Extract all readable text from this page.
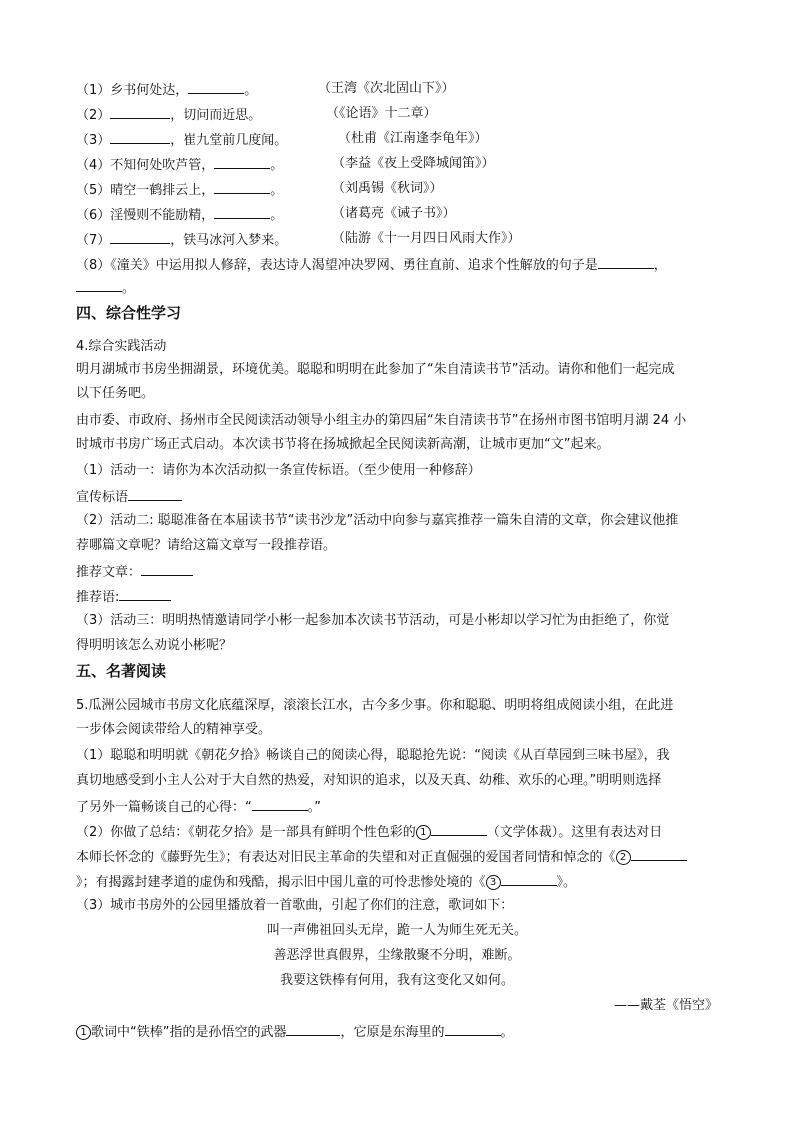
（1）乡书何处达，	。	（王湾《次北固山下》）
（2）	，切问而近思。	（《论语》十二章）
（3）	，崔九堂前几度闻。	（杜甫《江南逢李龟年》）
（4）不知何处吹芦管，	。	（李益《夜上受降城闻笛》）
（5）晴空一鹤排云上，	。	（刘禹锡《秋词》）
（6）淫慢则不能励精，	。	（诸葛亮《诫子书》）
（7）	，铁马冰河入梦来。	（陆游《十一月四日风雨大作》）
（8）《潼关》中运用拟人修辞，表达诗人渴望冲决罗网、勇往直前、追求个性解放的句子是	，
。
四、综合性学习
4.综合实践活动
明月湖城市书房坐拥湖景，环境优美。聪聪和明明在此参加了“朱自清读书节”活动。请你和他们一起完成
以下任务吧。
由市委、市政府、扬州市全民阅读活动领导小组主办的第四届“朱自清读书节”在扬州市图书馆明月湖 24 小
时城市书房广场正式启动。本次读书节将在扬城掀起全民阅读新高潮，让城市更加“文”起来。
（1）活动一：请你为本次活动拟一条宣传标语。（至少使用一种修辞）
宣传标语
（2）活动二: 聪聪准备在本届读书节“读书沙龙”活动中向参与嘉宾推荐一篇朱自清的文章，你会建议他推
荐哪篇文章呢？请给这篇文章写一段推荐语。
推荐文章：
推荐语:
（3）活动三：明明热情邀请同学小彬一起参加本次读书节活动，可是小彬却以学习忙为由拒绝了，你觉
得明明该怎么劝说小彬呢？
五、名著阅读
5.瓜洲公园城市书房文化底蕴深厚，滚滚长江水，古今多少事。你和聪聪、明明将组成阅读小组，在此进
一步体会阅读带给人的精神享受。
（1）聪聪和明明就《朝花夕拾》畅谈自己的阅读心得，聪聪抢先说：“阅读《从百草园到三味书屋》，我
真切地感受到小主人公对于大自然的热爱，对知识的追求，以及天真、幼稚、欢乐的心理。”明明则选择
了另外一篇畅谈自己的心得：“	。”
（2）你做了总结：《朝花夕拾》是一部具有鲜明个性色彩的 1	（文学体裁）。这里有表达对日
本师长怀念的《藤野先生》；有表达对旧民主革命的失望和对正直倔强的爱国者同情和悼念的《 2
》；有揭露封建孝道的虚伪和残酷，揭示旧中国儿童的可怜悲惨处境的《 3	》。
（3）城市书房外的公园里播放着一首歌曲，引起了你们的注意，歌词如下：
叫一声佛祖回头无岸，跪一人为师生死无关。
善恶浮世真假界，尘缘散聚不分明，难断。
我要这铁棒有何用，我有这变化又如何。
——戴荃《悟空》
1 歌词中“铁棒”指的是孙悟空的武器	，它原是东海里的	。
